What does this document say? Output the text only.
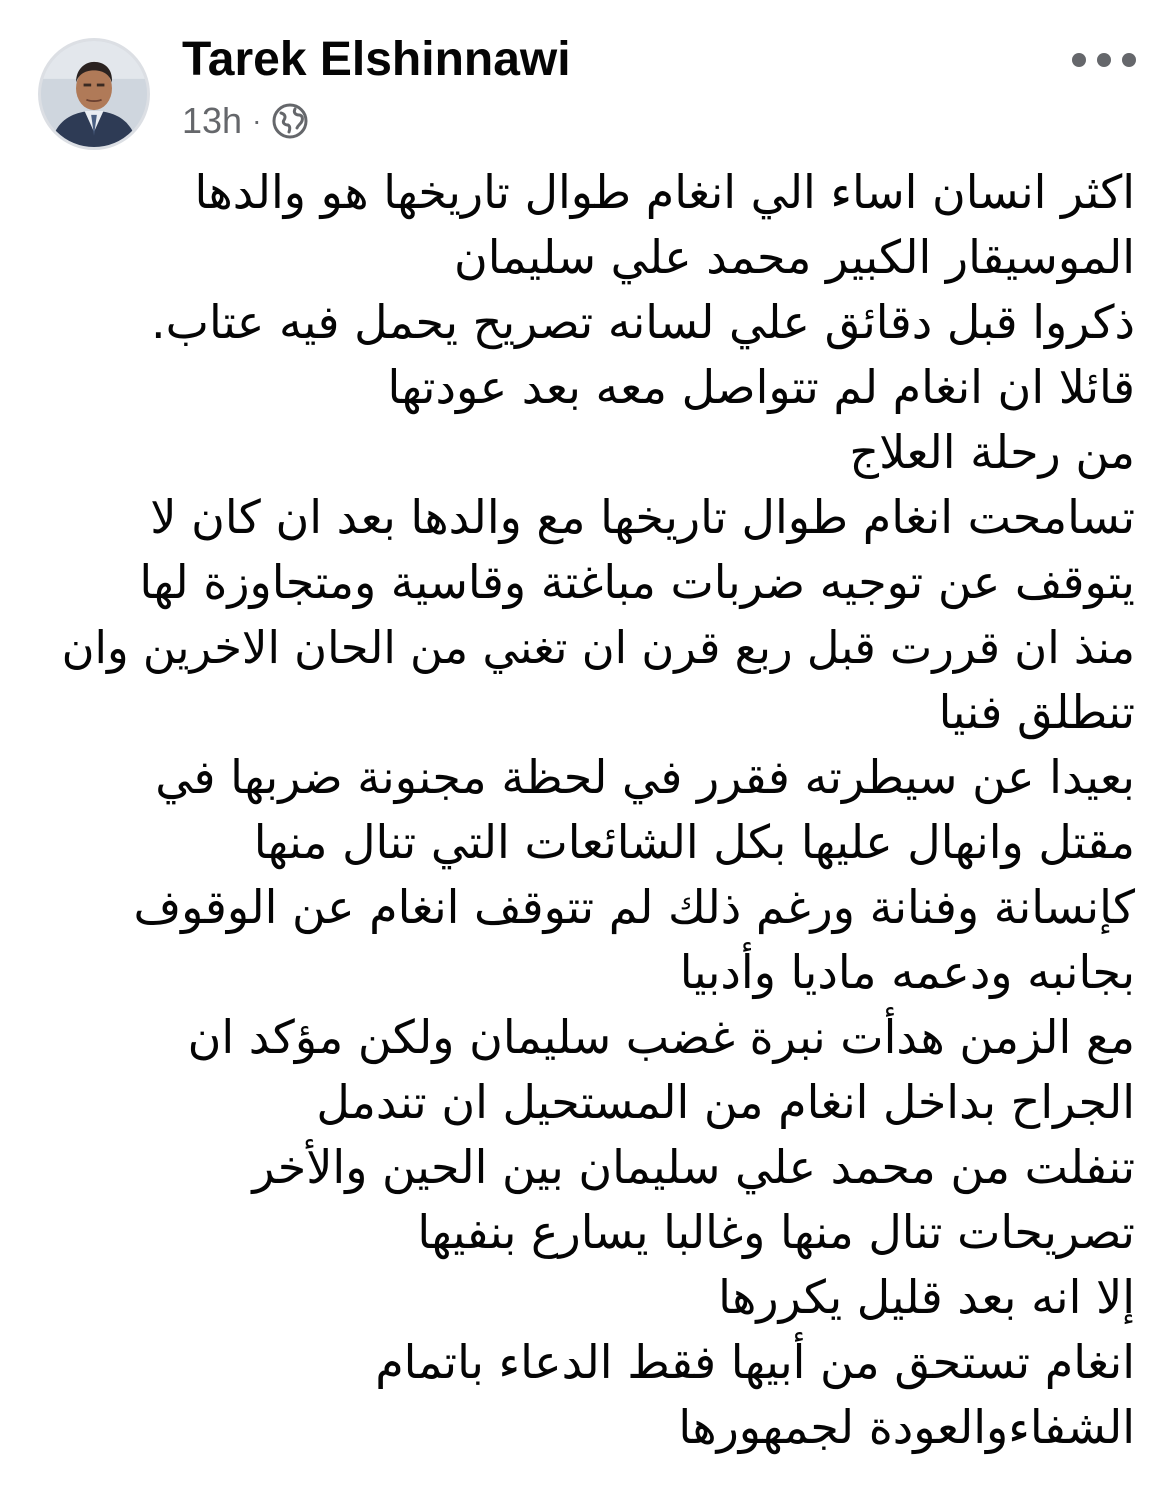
Tarek Elshinnawi
13h ·
اكثر انسان اساء الي انغام طوال تاريخها هو والدها
الموسيقار الكبير محمد علي سليمان
ذكروا قبل دقائق علي لسانه تصريح يحمل فيه عتاب.
قائلا ان انغام لم تتواصل معه بعد عودتها
من رحلة العلاج
تسامحت انغام طوال تاريخها مع والدها بعد ان كان لا
يتوقف عن توجيه ضربات مباغتة وقاسية ومتجاوزة لها
منذ ان قررت قبل ربع قرن ان تغني من الحان الاخرين وان
تنطلق فنيا
بعيدا عن سيطرته فقرر في لحظة مجنونة ضربها في
مقتل وانهال عليها بكل الشائعات التي تنال منها
كإنسانة وفنانة ورغم ذلك لم تتوقف انغام عن الوقوف
بجانبه ودعمه ماديا وأدبيا
مع الزمن هدأت نبرة غضب سليمان ولكن مؤكد ان
الجراح بداخل انغام من المستحيل ان تندمل
تنفلت من محمد علي سليمان بين الحين والأخر
تصريحات تنال منها وغالبا يسارع بنفيها
إلا انه بعد قليل يكررها
انغام تستحق من أبيها فقط الدعاء باتمام
الشفاءوالعودة لجمهورها
